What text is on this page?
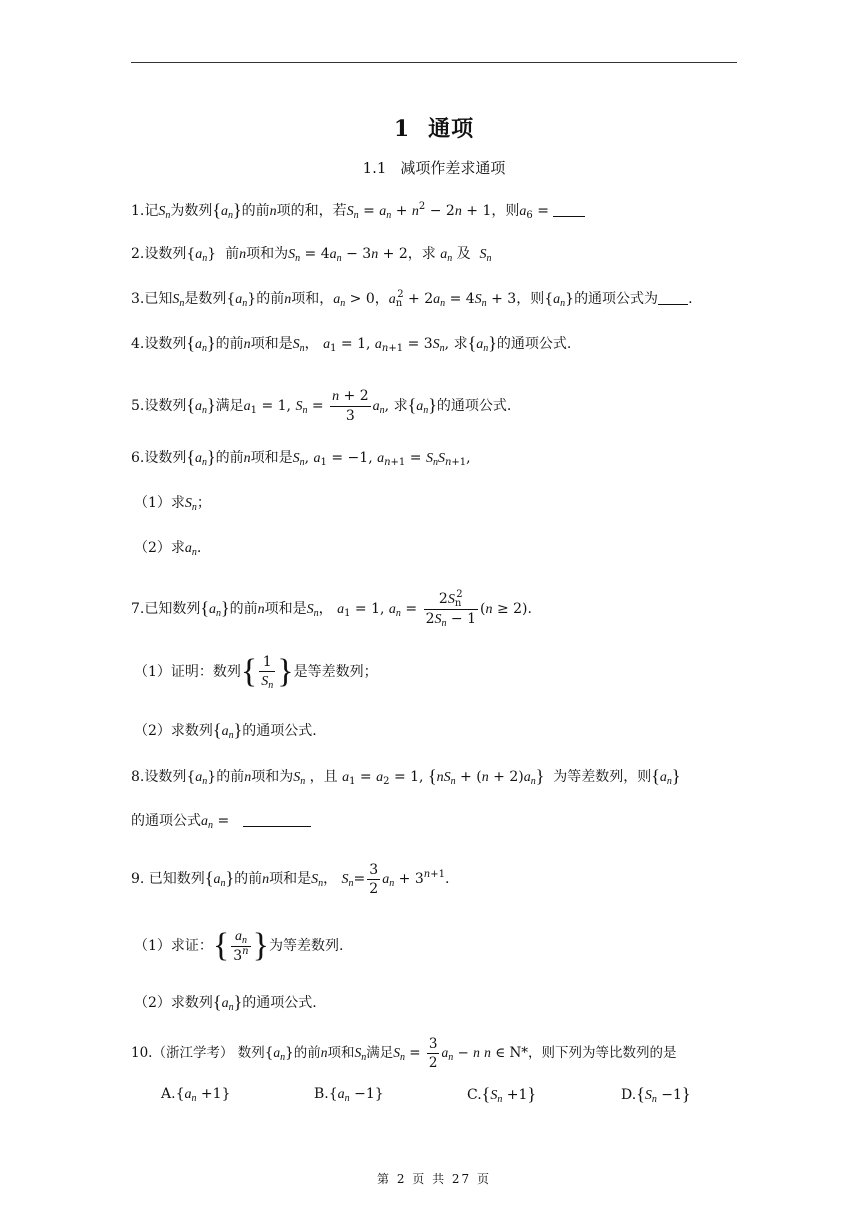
1 通项
1.1 减项作差求通项
1.记$S_n$为数列$\{a_n\}$的前n项的和，若$S_n = a_n + n^2 - 2n + 1$，则$a_6$ =
2.设数列$\{a_n\}$  前n项和为$S_n = 4a_n - 3n + 2$，求 $a_n$ 及 $S_n$
3.已知$S_n$是数列$\{a_n\}$的前n项和，$a_n > 0$，$a_n^2 + 2a_n = 4S_n + 3$，则$\{a_n\}$的通项公式为 .
4.设数列$\{a_n\}$的前n项和是$S_n$， $a_1 = 1$, $a_{n+1} = 3S_n$, 求$\{a_n\}$的通项公式.
5.设数列$\{a_n\}$满足$a_1 = 1$, $S_n = \frac{n + 2}{3} a_n$, 求$\{a_n\}$的通项公式.
6.设数列$\{a_n\}$的前n项和是$S_n$, $a_1 = -1$, $a_{n+1} = S_nS_{n+1}$,
（1）求$S_n$；
（2）求$a_n$.
7.已知数列$\{a_n\}$的前n项和是$S_n$， $a_1 = 1$, $a_n = \frac{2S_n^2}{2S_n - 1} (n \ge 2)$.
（1）证明：数列{ $\frac{1}{S_n}$ }是等差数列；
（2）求数列$\{a_n\}$的通项公式.
8.设数列$\{a_n\}$的前n项和为$S_n$ ，且 $a_1 = a_2 = 1$, $\{nS_n + (n + 2)a_n\}$ 为等差数列，则$\{a_n\}$
的通项公式$a_n$ =
9. 已知数列$\{a_n\}$的前n项和是$S_n$， $S_n= \frac{3}{2} a_n + 3^{n+1}$.
（1）求证：{ $\frac{a_n}{3^n}$ }为等差数列.
（2）求数列$\{a_n\}$的通项公式.
10.（浙江学考） 数列$\{a_n\}$的前n项和$S_n$满足$S_n = \frac{3}{2} a_n - n$ n ∈ N*，则下列为等比数列的是
$A.\{a_n +1\}$	$B.\{a_n -1\}$	$C.\{S_n +1\}$	$D.\{S_n -1\}$
第 2 页 共 27 页
